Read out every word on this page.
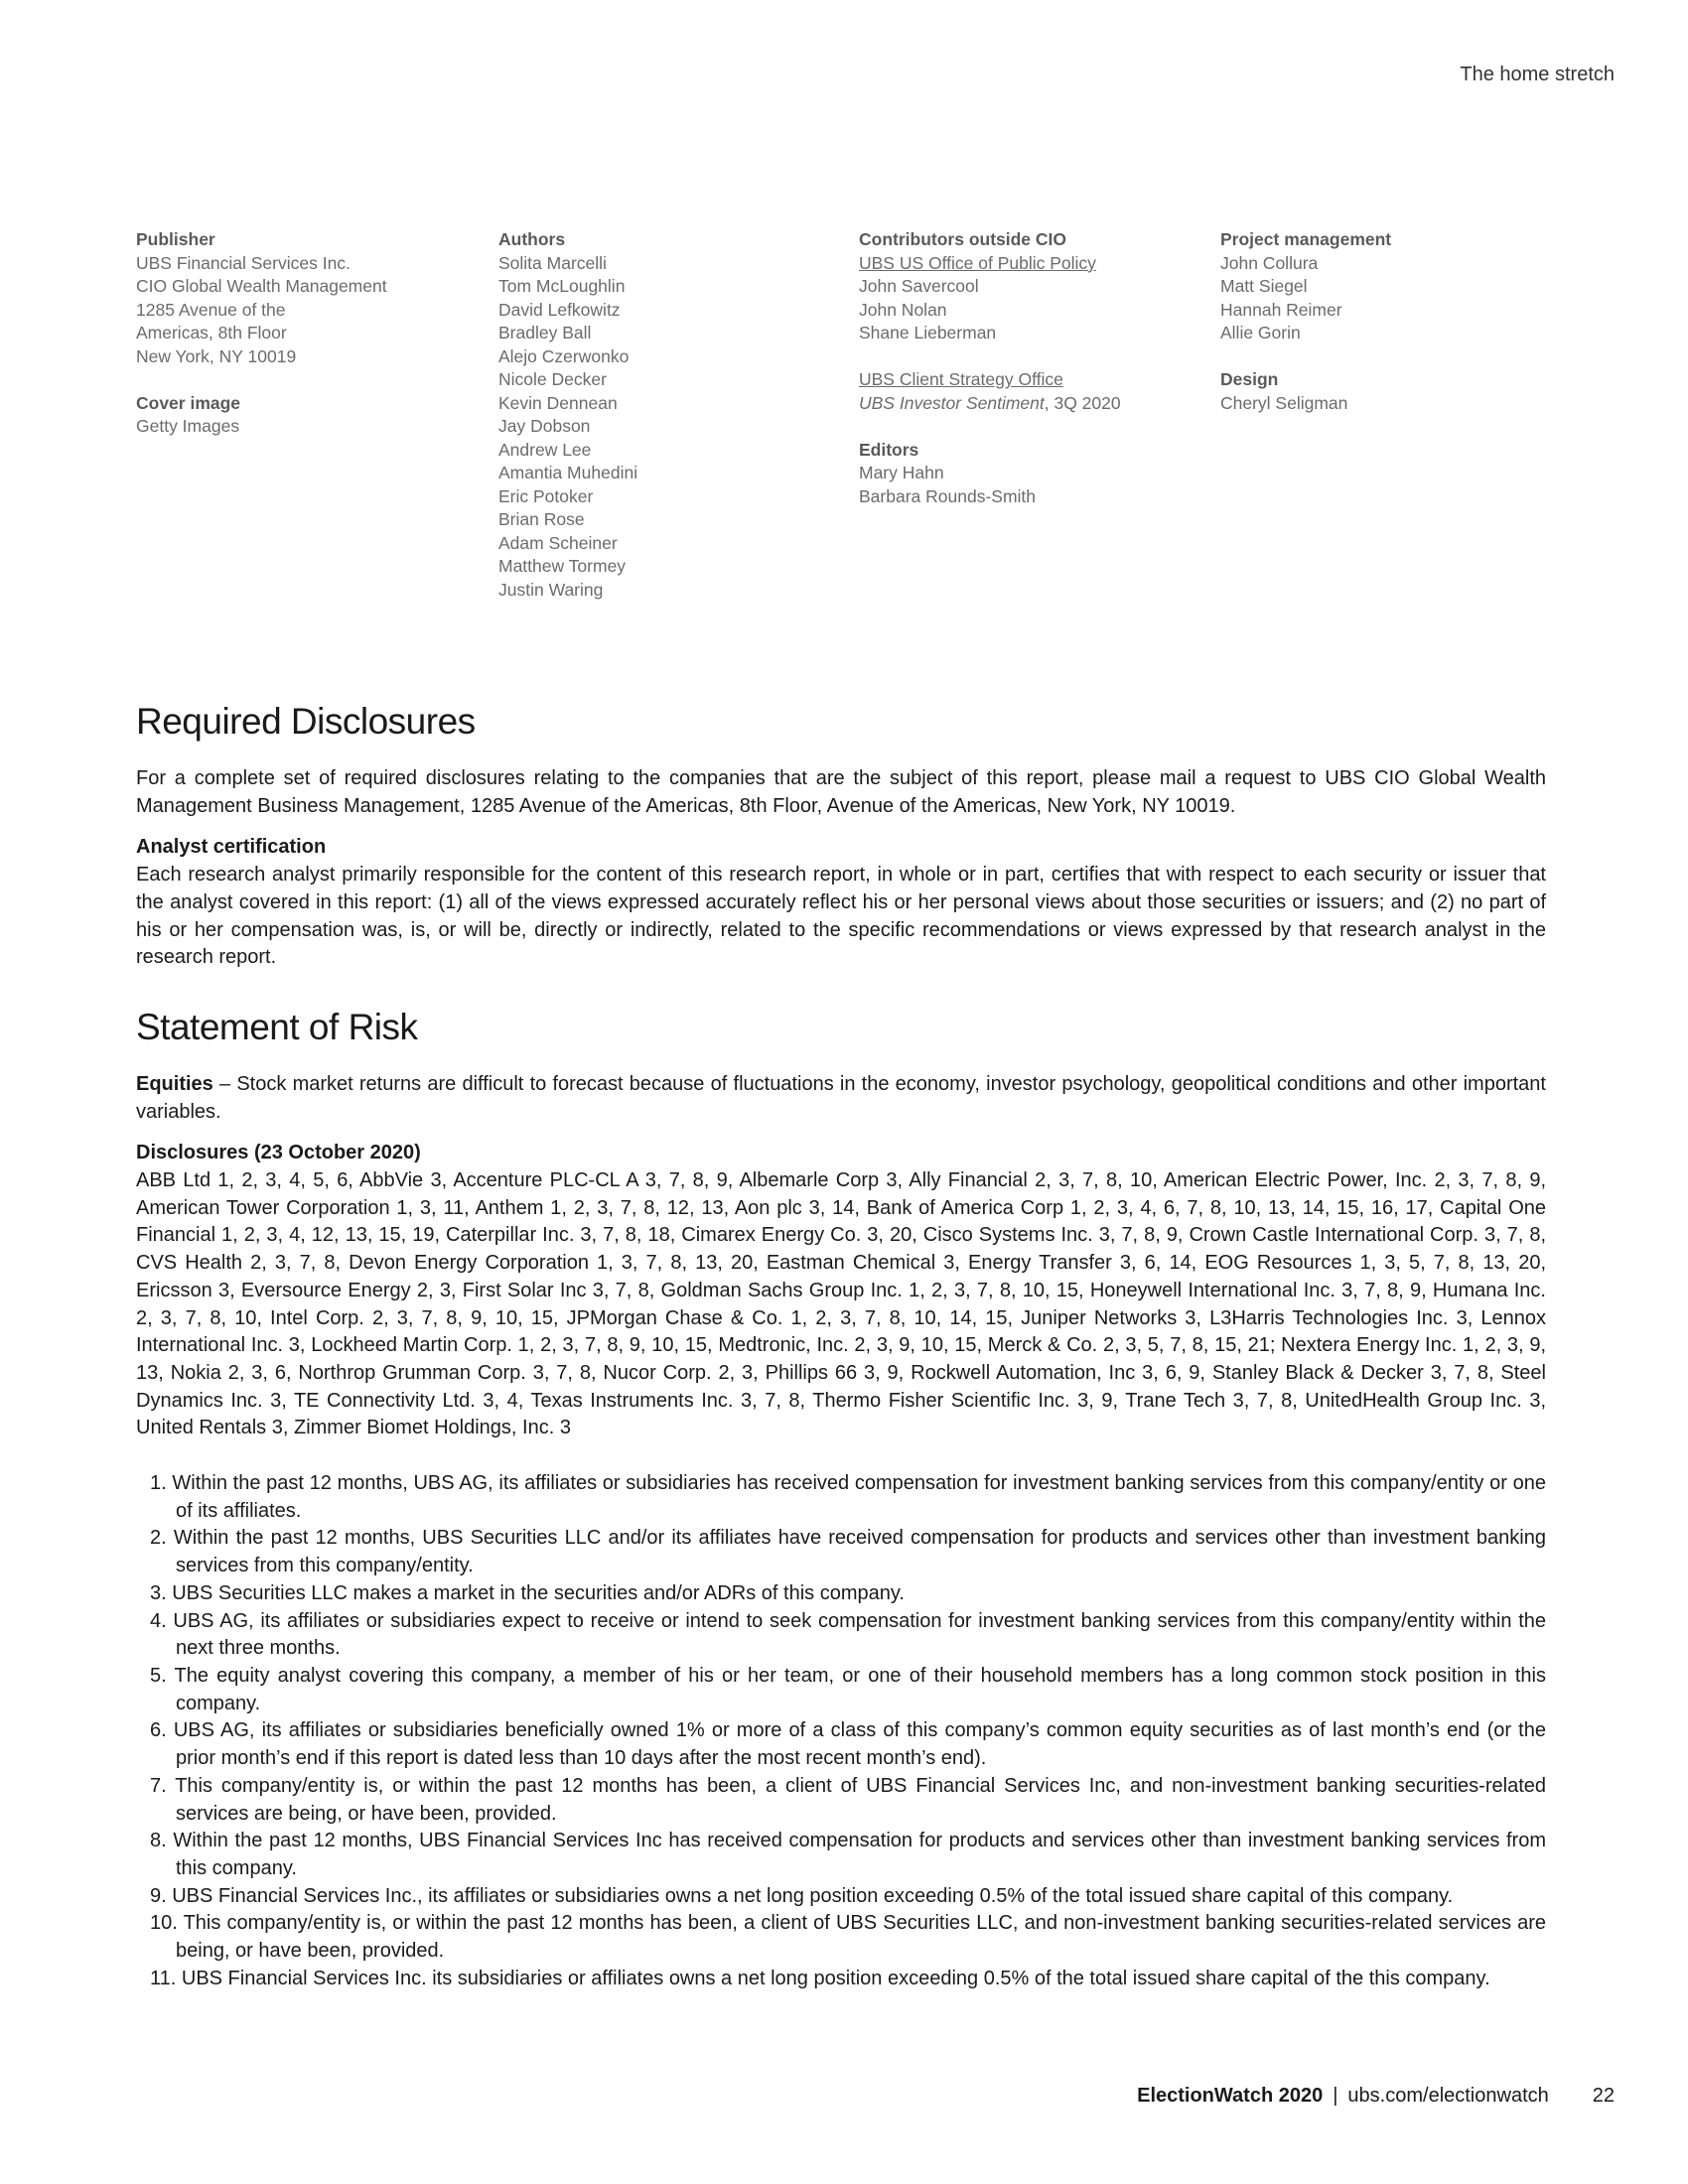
The home stretch
Publisher
UBS Financial Services Inc.
CIO Global Wealth Management
1285 Avenue of the
Americas, 8th Floor
New York, NY 10019
Cover image
Getty Images
Authors
Solita Marcelli
Tom McLoughlin
David Lefkowitz
Bradley Ball
Alejo Czerwonko
Nicole Decker
Kevin Dennean
Jay Dobson
Andrew Lee
Amantia Muhedini
Eric Potoker
Brian Rose
Adam Scheiner
Matthew Tormey
Justin Waring
Contributors outside CIO
UBS US Office of Public Policy
John Savercool
John Nolan
Shane Lieberman
UBS Client Strategy Office
UBS Investor Sentiment, 3Q 2020
Editors
Mary Hahn
Barbara Rounds-Smith
Project management
John Collura
Matt Siegel
Hannah Reimer
Allie Gorin
Design
Cheryl Seligman
Required Disclosures

For a complete set of required disclosures relating to the companies that are the subject of this report, please mail a request to UBS CIO Global Wealth Management Business Management, 1285 Avenue of the Americas, 8th Floor, Avenue of the Americas, New York, NY 10019.

Analyst certification

Each research analyst primarily responsible for the content of this research report, in whole or in part, certifies that with respect to each security or issuer that the analyst covered in this report: (1) all of the views expressed accurately reflect his or her personal views about those securities or issuers; and (2) no part of his or her compensation was, is, or will be, directly or indirectly, related to the specific recommendations or views expressed by that research analyst in the research report.

Statement of Risk

Equities – Stock market returns are difficult to forecast because of fluctuations in the economy, investor psychology, geopolitical conditions and other important variables.

Disclosures (23 October 2020)

ABB Ltd 1, 2, 3, 4, 5, 6, AbbVie 3, Accenture PLC-CL A 3, 7, 8, 9, Albemarle Corp 3, Ally Financial 2, 3, 7, 8, 10, American Electric Power, Inc. 2, 3, 7, 8, 9, American Tower Corporation 1, 3, 11, Anthem 1, 2, 3, 7, 8, 12, 13, Aon plc 3, 14, Bank of America Corp 1, 2, 3, 4, 6, 7, 8, 10, 13, 14, 15, 16, 17, Capital One Financial 1, 2, 3, 4, 12, 13, 15, 19, Caterpillar Inc. 3, 7, 8, 18, Cimarex Energy Co. 3, 20, Cisco Systems Inc. 3, 7, 8, 9, Crown Castle International Corp. 3, 7, 8, CVS Health 2, 3, 7, 8, Devon Energy Corporation 1, 3, 7, 8, 13, 20, Eastman Chemical 3, Energy Transfer 3, 6, 14, EOG Resources 1, 3, 5, 7, 8, 13, 20, Ericsson 3, Eversource Energy 2, 3, First Solar Inc 3, 7, 8, Goldman Sachs Group Inc. 1, 2, 3, 7, 8, 10, 15, Honeywell International Inc. 3, 7, 8, 9, Humana Inc. 2, 3, 7, 8, 10, Intel Corp. 2, 3, 7, 8, 9, 10, 15, JPMorgan Chase & Co. 1, 2, 3, 7, 8, 10, 14, 15, Juniper Networks 3, L3Harris Technologies Inc. 3, Lennox International Inc. 3, Lockheed Martin Corp. 1, 2, 3, 7, 8, 9, 10, 15, Medtronic, Inc. 2, 3, 9, 10, 15, Merck & Co. 2, 3, 5, 7, 8, 15, 21; Nextera Energy Inc. 1, 2, 3, 9, 13, Nokia 2, 3, 6, Northrop Grumman Corp. 3, 7, 8, Nucor Corp. 2, 3, Phillips 66 3, 9, Rockwell Automation, Inc 3, 6, 9, Stanley Black & Decker 3, 7, 8, Steel Dynamics Inc. 3, TE Connectivity Ltd. 3, 4, Texas Instruments Inc. 3, 7, 8, Thermo Fisher Scientific Inc. 3, 9, Trane Tech 3, 7, 8, UnitedHealth Group Inc. 3, United Rentals 3, Zimmer Biomet Holdings, Inc. 3

1. Within the past 12 months, UBS AG, its affiliates or subsidiaries has received compensation for investment banking services from this company/entity or one of its affiliates.
2. Within the past 12 months, UBS Securities LLC and/or its affiliates have received compensation for products and services other than investment banking services from this company/entity.
3. UBS Securities LLC makes a market in the securities and/or ADRs of this company.
4. UBS AG, its affiliates or subsidiaries expect to receive or intend to seek compensation for investment banking services from this company/entity within the next three months.
5. The equity analyst covering this company, a member of his or her team, or one of their household members has a long common stock position in this company.
6. UBS AG, its affiliates or subsidiaries beneficially owned 1% or more of a class of this company’s common equity securities as of last month’s end (or the prior month’s end if this report is dated less than 10 days after the most recent month’s end).
7. This company/entity is, or within the past 12 months has been, a client of UBS Financial Services Inc, and non-investment banking securities-related services are being, or have been, provided.
8. Within the past 12 months, UBS Financial Services Inc has received compensation for products and services other than investment banking services from this company.
9. UBS Financial Services Inc., its affiliates or subsidiaries owns a net long position exceeding 0.5% of the total issued share capital of this company.
10. This company/entity is, or within the past 12 months has been, a client of UBS Securities LLC, and non-investment banking securities-related services are being, or have been, provided.
11. UBS Financial Services Inc. its subsidiaries or affiliates owns a net long position exceeding 0.5% of the total issued share capital of the this company.
ElectionWatch 2020 | ubs.com/electionwatch 22
